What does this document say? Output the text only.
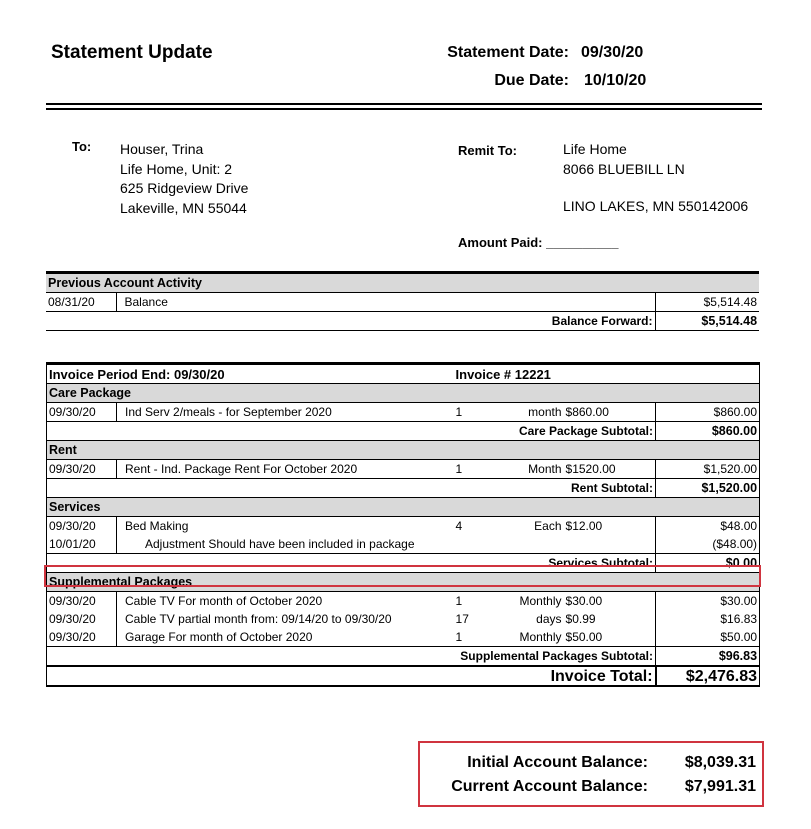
Statement Update	Statement Date: 09/30/20
Due Date: 10/10/20
To: Houser, Trina
Life Home, Unit: 2
625 Ridgeview Drive
Lakeville, MN 55044
Remit To:	Life Home
8066 BLUEBILL LN
LINO LAKES, MN 550142006
Amount Paid: __________
Previous Account Activity		
08/31/20	Balance	$5,514.48
Balance Forward:		$5,514.48
Invoice Period End: 09/30/20		Invoice # 12221			
Care Package					
09/30/20	Ind Serv 2/meals - for September 2020	1	month	$860.00	$860.00
Care Package Subtotal:					$860.00
Rent					
09/30/20	Rent - Ind. Package Rent For October 2020	1	Month	$1520.00	$1,520.00
Rent Subtotal:					$1,520.00
Services					
09/30/20	Bed Making	4	Each	$12.00	$48.00
10/01/20	Adjustment Should have been included in package				($48.00)
Services Subtotal:					$0.00
Supplemental Packages					
09/30/20	Cable TV For month of October 2020	1	Monthly	$30.00	$30.00
09/30/20	Cable TV partial month from: 09/14/20 to 09/30/20	17	days	$0.99	$16.83
09/30/20	Garage For month of October 2020	1	Monthly	$50.00	$50.00
Supplemental Packages Subtotal:					$96.83
Invoice Total:					$2,476.83
Initial Account Balance:	$8,039.31
Current Account Balance:	$7,991.31
